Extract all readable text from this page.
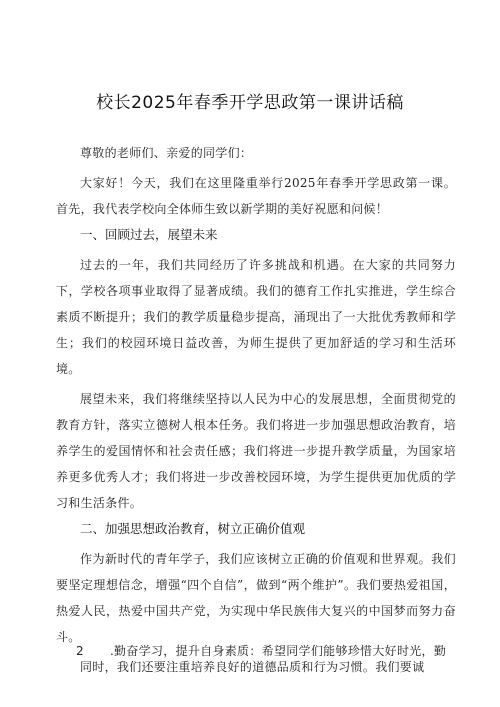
校长2025年春季开学思政第一课讲话稿

尊敬的老师们、亲爱的同学们：

大家好！今天，我们在这里隆重举行2025年春季开学思政第一课。首先，我代表学校向全体师生致以新学期的美好祝愿和问候！

一、回顾过去，展望未来

过去的一年，我们共同经历了许多挑战和机遇。在大家的共同努力下，学校各项事业取得了显著成绩。我们的德育工作扎实推进，学生综合素质不断提升；我们的教学质量稳步提高，涌现出了一大批优秀教师和学生；我们的校园环境日益改善，为师生提供了更加舒适的学习和生活环境。

展望未来，我们将继续坚持以人民为中心的发展思想，全面贯彻党的教育方针，落实立德树人根本任务。我们将进一步加强思想政治教育，培养学生的爱国情怀和社会责任感；我们将进一步提升教学质量，为国家培养更多优秀人才；我们将进一步改善校园环境，为学生提供更加优质的学习和生活条件。

二、加强思想政治教育，树立正确价值观

作为新时代的青年学子，我们应该树立正确的价值观和世界观。我们要坚定理想信念，增强“四个自信”，做到“两个维护”。我们要热爱祖国，热爱人民，热爱中国共产党，为实现中华民族伟大复兴的中国梦而努力奋斗。

同时，我们还要注重培养良好的道德品质和行为习惯。我们要诚

2 .勤奋学习，提升自身素质：希望同学们能够珍惜大好时光，勤
